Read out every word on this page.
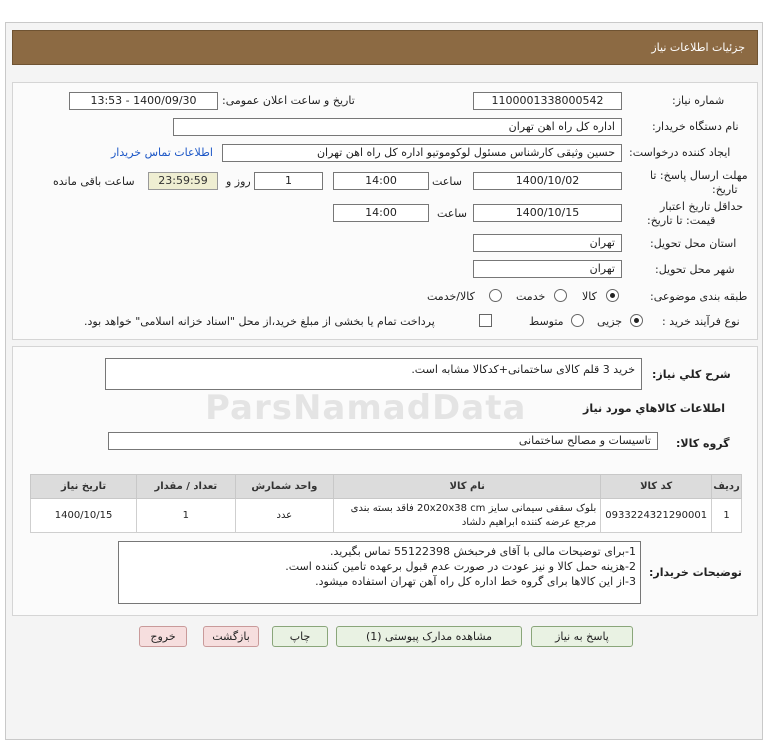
جزئیات اطلاعات نیاز
شماره نیاز:
1100001338000542
تاریخ و ساعت اعلان عمومی:
1400/09/30 - 13:53
نام دستگاه خریدار:
اداره کل راه اهن تهران
ایجاد کننده درخواست:
حسین وثیقی کارشناس مسئول لوکوموتیو اداره کل راه اهن تهران
اطلاعات تماس خریدار
مهلت ارسال پاسخ: تا
تاریخ:
1400/10/02
ساعت
14:00
1
روز و
23:59:59
ساعت باقی مانده
حداقل تاریخ اعتبار
قیمت: تا تاریخ:
1400/10/15
ساعت
14:00
استان محل تحویل:
تهران
شهر محل تحویل:
تهران
طبقه بندی موضوعی:
کالا
خدمت
کالا/خدمت
نوع فرآیند خرید :
جزیی
متوسط
پرداخت تمام یا بخشی از مبلغ خرید،از محل "اسناد خزانه اسلامی" خواهد بود.
شرح كلي نياز:
خرید 3 قلم کالای ساختمانی+کدکالا مشابه است.
اطلاعات كالاهاي مورد نياز
گروه كالا:
تاسیسات و مصالح ساختمانی
ردیف	کد کالا	نام کالا	واحد شمارش	تعداد / مقدار	تاریخ نیاز
1	0933224321290001	بلوک سقفی سیمانی سایز 20x20x38 cm فاقد بسته بندی مرجع عرضه کننده ابراهیم دلشاد	عدد	1	1400/10/15
توضیحات خریدار:
1-برای توضیحات مالی با آقای فرحبخش 55122398 تماس بگیرید.
2-هزینه حمل کالا و نیز عودت در صورت عدم قبول برعهده تامین کننده است.
3-از این کالاها برای گروه خط اداره کل راه آهن تهران استفاده میشود.
پاسخ به نیاز
مشاهده مدارک پیوستی (1)
چاپ
بازگشت
خروج
